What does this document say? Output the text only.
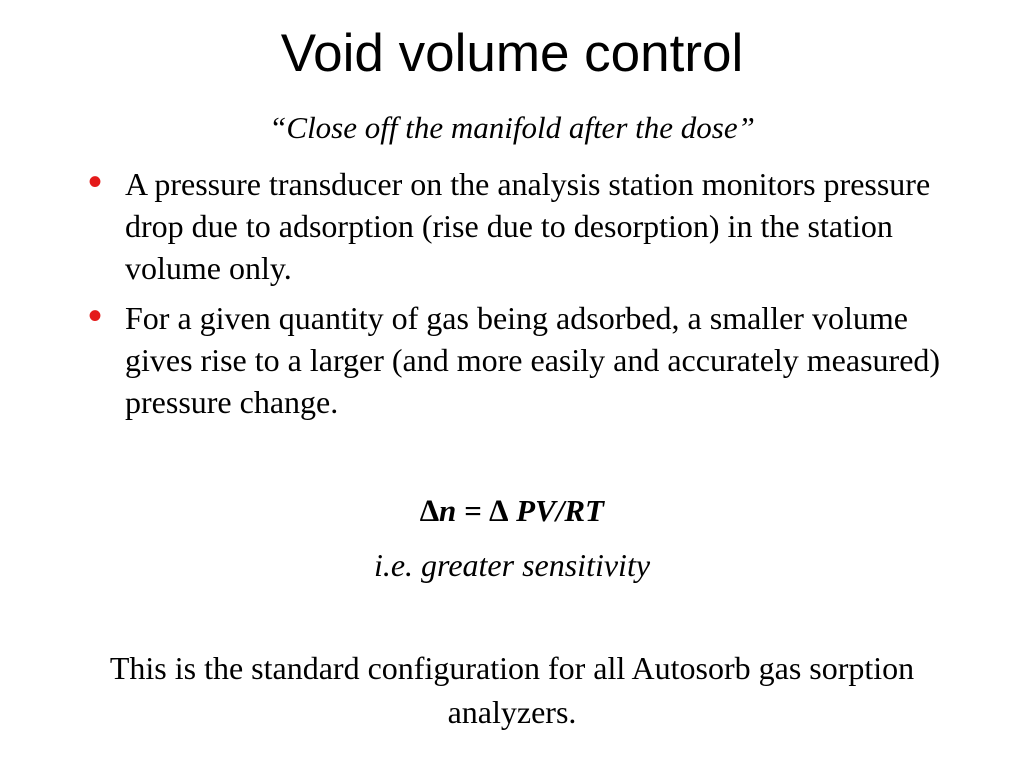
Void volume control
“Close off the manifold after the dose”
• A pressure transducer on the analysis station monitors pressure drop due to adsorption (rise due to desorption) in the station volume only.
• For a given quantity of gas being adsorbed, a smaller volume gives rise to a larger (and more easily and accurately measured) pressure change.
∆n = ∆ PV/RT
i.e. greater sensitivity
This is the standard configuration for all Autosorb gas sorption analyzers.
